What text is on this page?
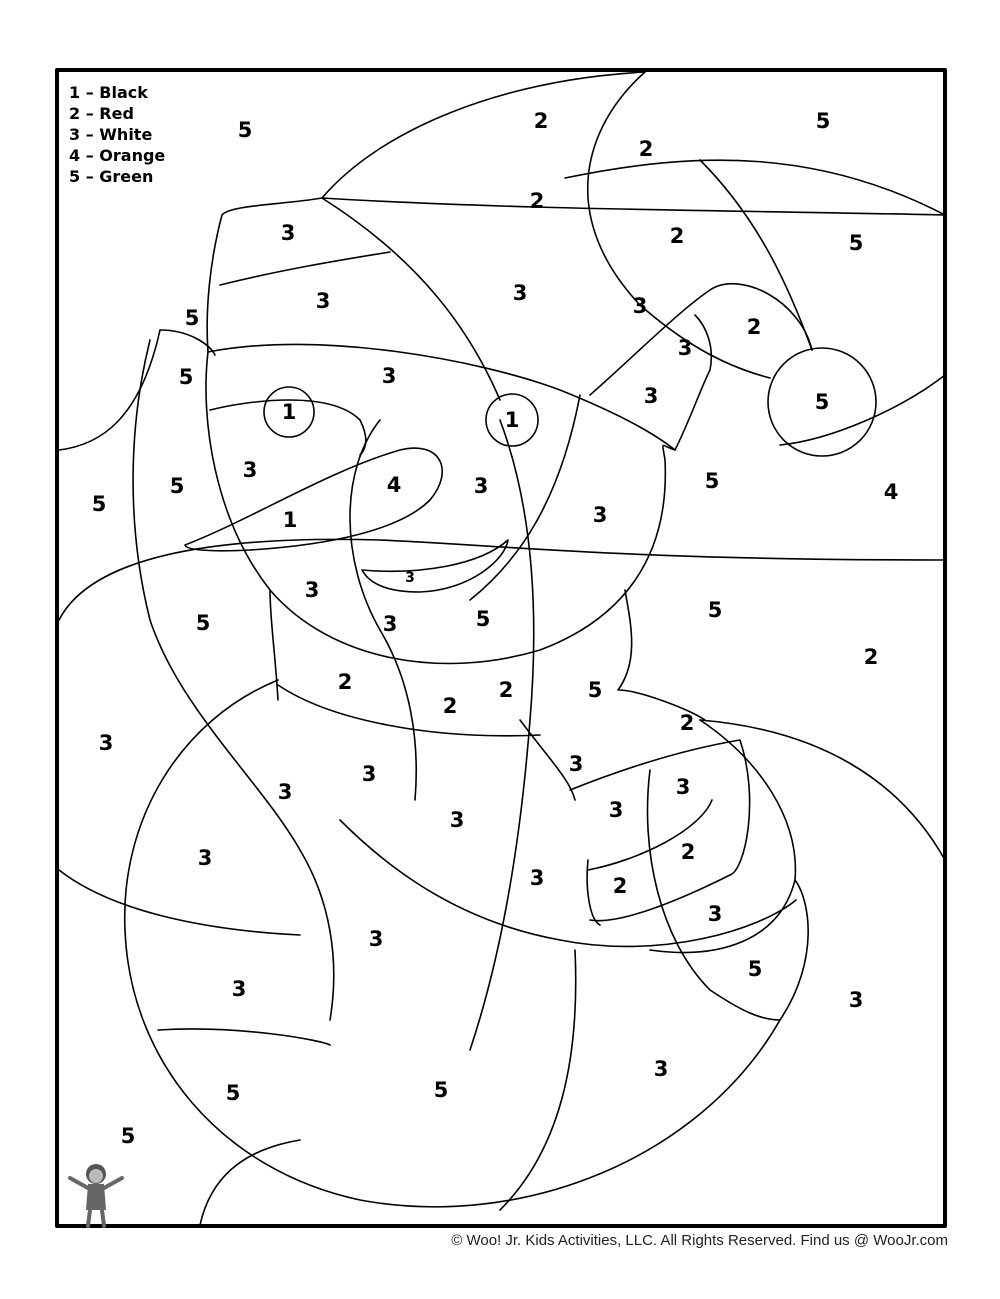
5	2
2
5
3
2
2	5
5
3	3
3
2
5	3
3
1	1
3	5
5
5
3
4	3
3
5	4
1
3
5
5
3
3	5
2
2
2
2	5
3
2
3
3
3	3
3
3
3	2
2
3
3
3
5
3
3
3
5
5
5
1 – Black
2 – Red
3 – White
4 – Orange
5 – Green
© Woo! Jr. Kids Activities, LLC. All Rights Reserved. Find us @ WooJr.com
